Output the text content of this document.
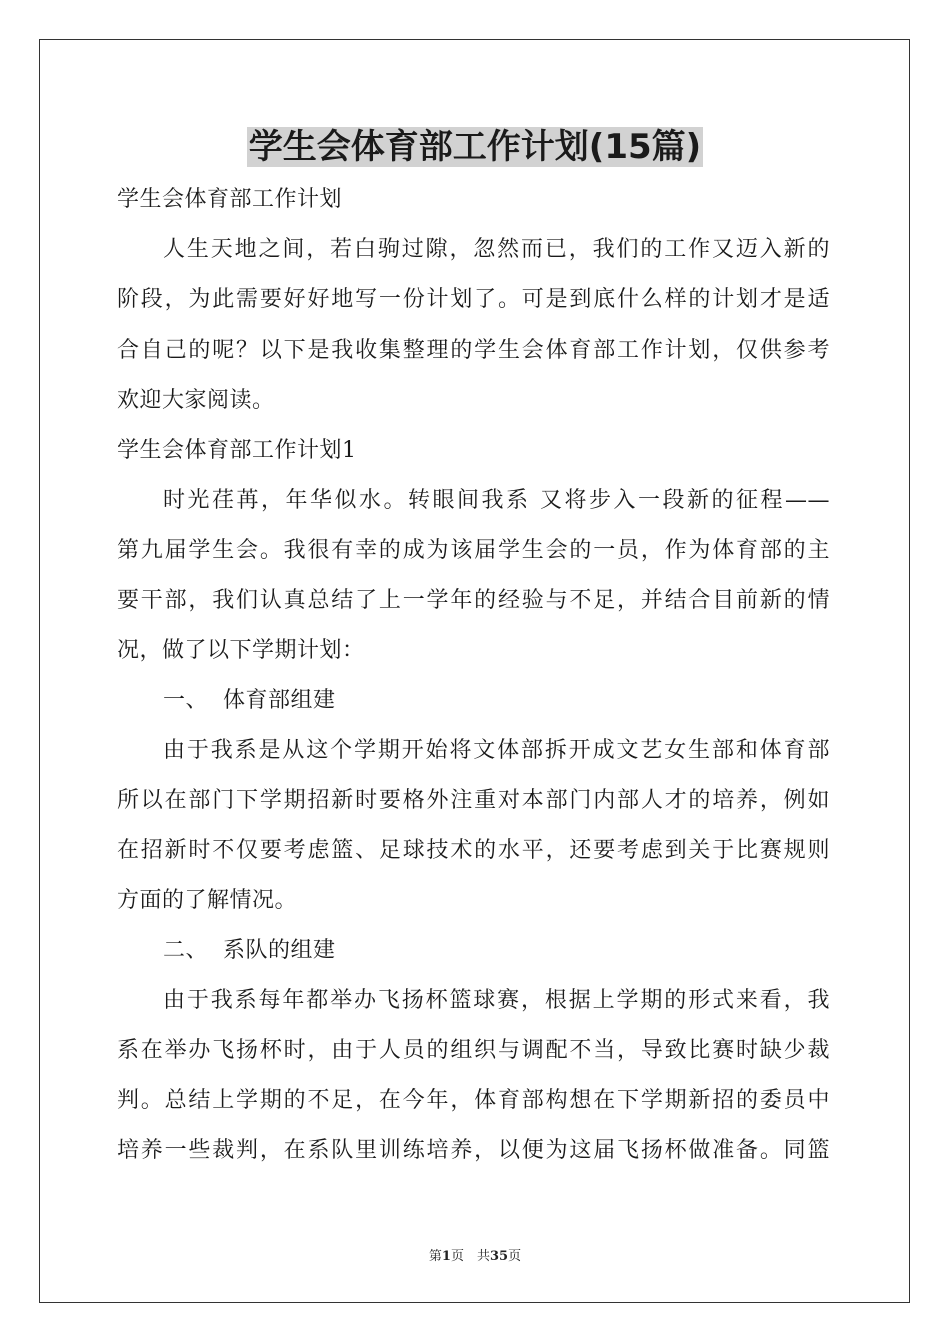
学生会体育部工作计划(15篇)
学生会体育部工作计划
人生天地之间，若白驹过隙，忽然而已，我们的工作又迈入新的
阶段，为此需要好好地写一份计划了。可是到底什么样的计划才是适
合自己的呢？以下是我收集整理的学生会体育部工作计划，仅供参考
欢迎大家阅读。
学生会体育部工作计划1
时光荏苒，年华似水。转眼间我系 又将步入一段新的征程——
第九届学生会。我很有幸的成为该届学生会的一员，作为体育部的主
要干部，我们认真总结了上一学年的经验与不足，并结合目前新的情
况，做了以下学期计划：
一、  体育部组建
由于我系是从这个学期开始将文体部拆开成文艺女生部和体育部
所以在部门下学期招新时要格外注重对本部门内部人才的培养，例如
在招新时不仅要考虑篮、足球技术的水平，还要考虑到关于比赛规则
方面的了解情况。
二、  系队的组建
由于我系每年都举办飞扬杯篮球赛，根据上学期的形式来看，我
系在举办飞扬杯时，由于人员的组织与调配不当，导致比赛时缺少裁
判。总结上学期的不足，在今年，体育部构想在下学期新招的委员中
培养一些裁判，在系队里训练培养，以便为这届飞扬杯做准备。同篮
第1页　共35页
